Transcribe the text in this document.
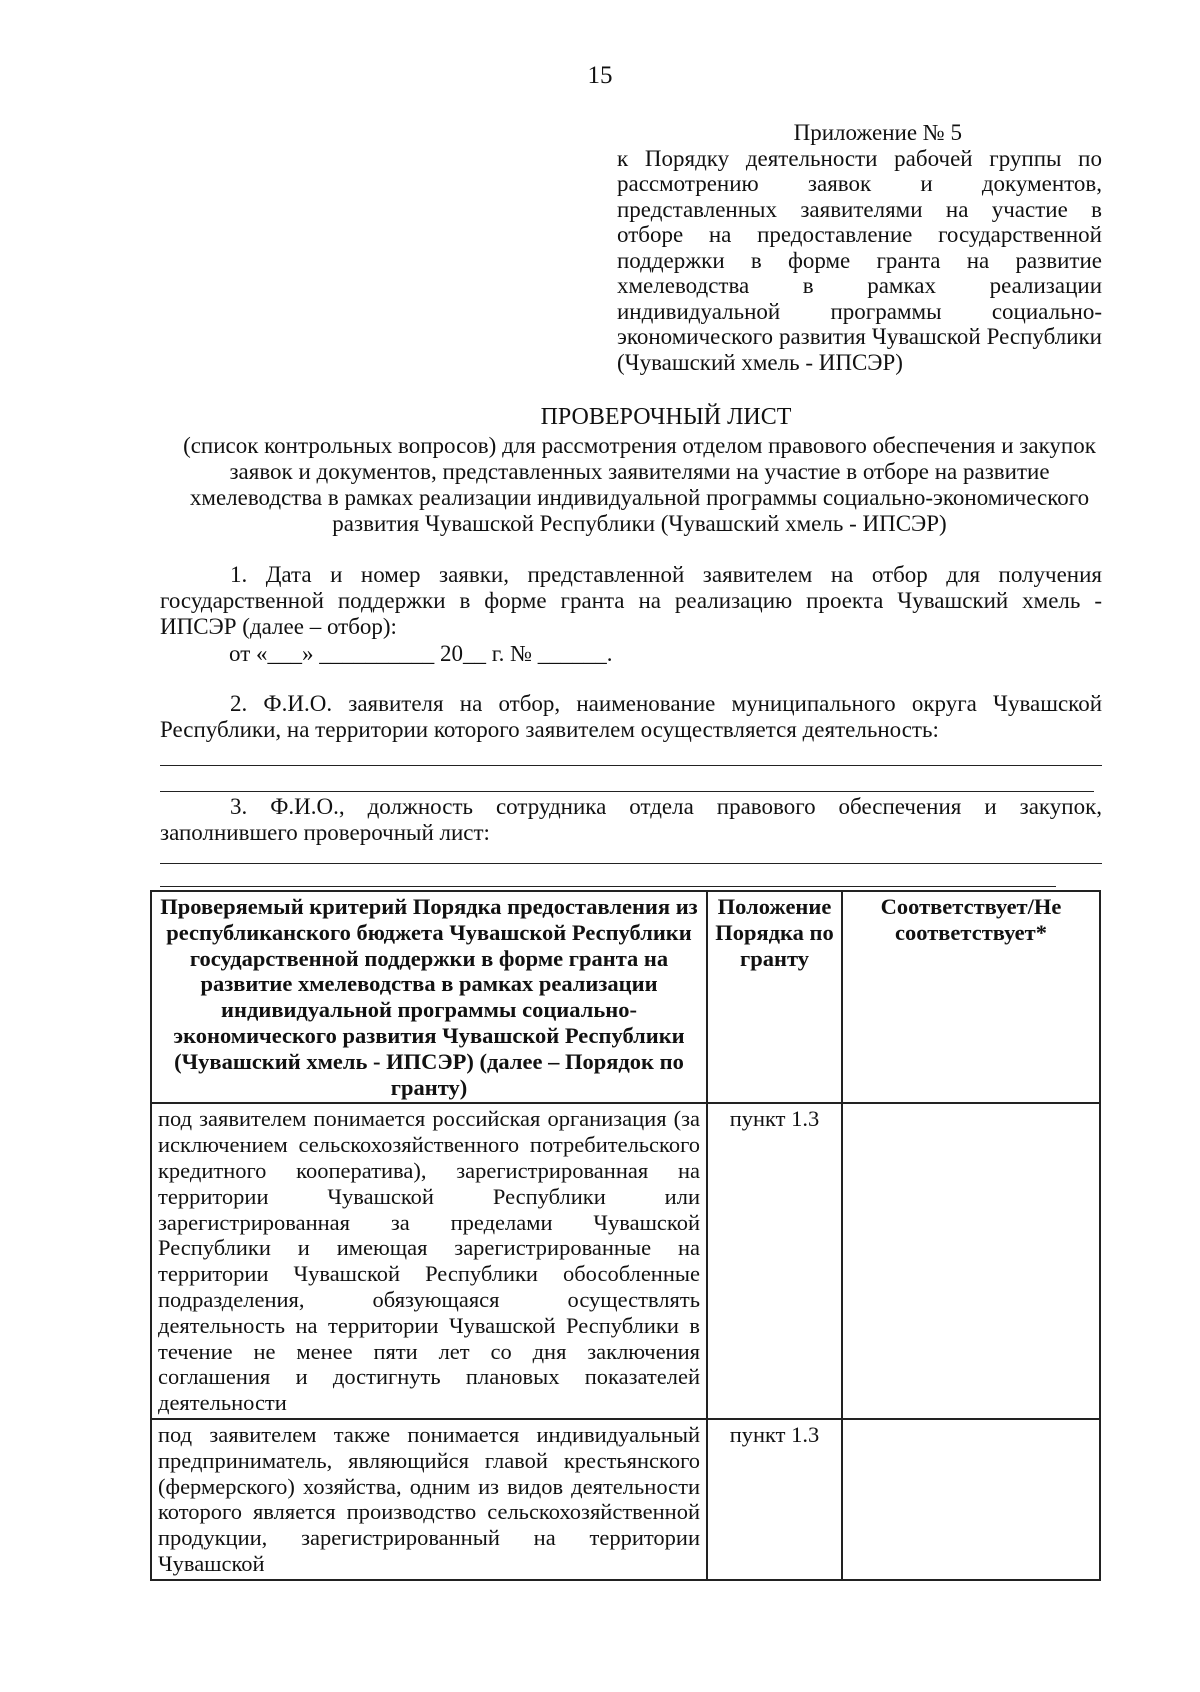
15
Приложение № 5
к Порядку деятельности рабочей группы по рассмотрению заявок и документов, представленных заявителями на участие в отборе на предоставление государственной поддержки в форме гранта на развитие хмелеводства в рамках реализации индивидуальной программы социально-экономического развития Чувашской Республики (Чувашский хмель - ИПСЭР)
ПРОВЕРОЧНЫЙ ЛИСТ
(список контрольных вопросов) для рассмотрения отделом правового обеспечения и закупок заявок и документов, представленных заявителями на участие в отборе на развитие хмелеводства в рамках реализации индивидуальной программы социально-экономического развития Чувашской Республики (Чувашский хмель - ИПСЭР)
1. Дата и номер заявки, представленной заявителем на отбор для получения государственной поддержки в форме гранта на реализацию проекта Чувашский хмель - ИПСЭР (далее – отбор):
от «___» __________ 20__ г. № ______.
2. Ф.И.О. заявителя на отбор, наименование муниципального округа Чувашской Республики, на территории которого заявителем осуществляется деятельность:
3. Ф.И.О., должность сотрудника отдела правового обеспечения и закупок, заполнившего проверочный лист:
Проверяемый критерий Порядка предоставления из республиканского бюджета Чувашской Республики государственной поддержки в форме гранта на развитие хмелеводства в рамках реализации индивидуальной программы социально-экономического развития Чувашской Республики (Чувашский хмель - ИПСЭР) (далее – Порядок по гранту)	Положение Порядка по гранту	Соответствует/Не соответствует*
под заявителем понимается российская организация (за исключением сельскохозяйственного потребительского кредитного кооператива), зарегистрированная на территории Чувашской Республики или зарегистрированная за пределами Чувашской Республики и имеющая зарегистрированные на территории Чувашской Республики обособленные подразделения, обязующаяся осуществлять деятельность на территории Чувашской Республики в течение не менее пяти лет со дня заключения соглашения и достигнуть плановых показателей деятельности	пункт 1.3	
под заявителем также понимается индивидуальный предприниматель, являющийся главой крестьянского (фермерского) хозяйства, одним из видов деятельности которого является производство сельскохозяйственной продукции, зарегистрированный на территории Чувашской	пункт 1.3	
